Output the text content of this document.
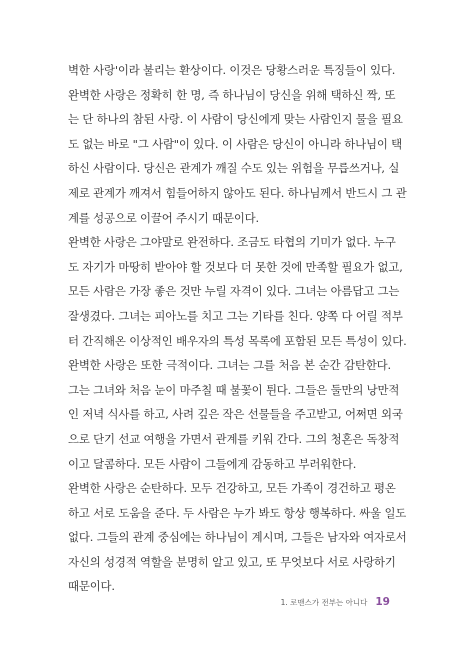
벽한 사랑'이라 불리는 환상이다. 이것은 당황스러운 특징들이 있다.
완벽한 사랑은 정확히 한 명, 즉 하나님이 당신을 위해 택하신 짝, 또
는 단 하나의 참된 사랑. 이 사람이 당신에게 맞는 사람인지 물을 필요
도 없는 바로 "그 사람"이 있다. 이 사람은 당신이 아니라 하나님이 택
하신 사람이다. 당신은 관계가 깨질 수도 있는 위험을 무릅쓰거나, 실
제로 관계가 깨져서 힘들어하지 않아도 된다. 하나님께서 반드시 그 관
계를 성공으로 이끌어 주시기 때문이다.
완벽한 사랑은 그야말로 완전하다. 조금도 타협의 기미가 없다. 누구
도 자기가 마땅히 받아야 할 것보다 더 못한 것에 만족할 필요가 없고,
모든 사람은 가장 좋은 것만 누릴 자격이 있다. 그녀는 아름답고 그는
잘생겼다. 그녀는 피아노를 치고 그는 기타를 친다. 양쪽 다 어릴 적부
터 간직해온 이상적인 배우자의 특성 목록에 포함된 모든 특성이 있다.
완벽한 사랑은 또한 극적이다. 그녀는 그를 처음 본 순간 감탄한다.
그는 그녀와 처음 눈이 마주칠 때 불꽃이 튄다. 그들은 둘만의 낭만적
인 저녁 식사를 하고, 사려 깊은 작은 선물들을 주고받고, 어쩌면 외국
으로 단기 선교 여행을 가면서 관계를 키워 간다. 그의 청혼은 독창적
이고 달콤하다. 모든 사람이 그들에게 감동하고 부러워한다.
완벽한 사랑은 순탄하다. 모두 건강하고, 모든 가족이 경건하고 평온
하고 서로 도움을 준다. 두 사람은 누가 봐도 항상 행복하다. 싸울 일도
없다. 그들의 관계 중심에는 하나님이 계시며, 그들은 남자와 여자로서
자신의 성경적 역할을 분명히 알고 있고, 또 무엇보다 서로 사랑하기
때문이다.
1. 로맨스가 전부는 아니다 19
